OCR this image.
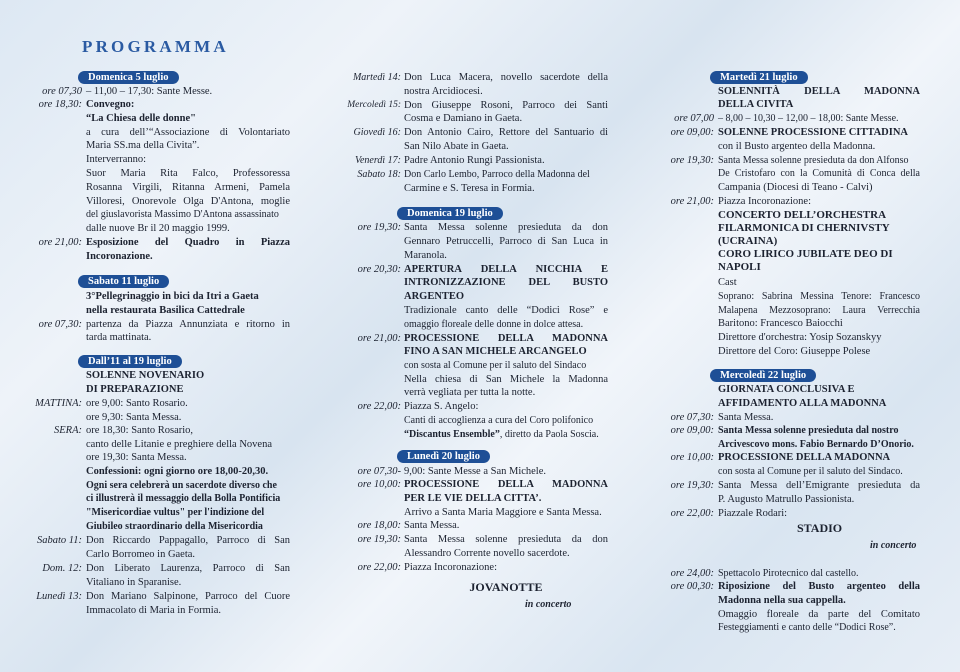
PROGRAMMA
Domenica 5 luglio
ore 07,30 – 11,00 – 17,30: Sante Messe.
ore 18,30: Convegno:
“La Chiesa delle donne"
a cura dell’“Associazione di Volontariato
Maria SS.ma della Civita”.
Interverranno:
Suor Maria Rita Falco, Professoressa
Rosanna Virgili, Ritanna Armeni, Pamela
Villoresi, Onorevole Olga D'Antona, moglie
del giuslavorista Massimo D'Antona assassinato
dalle nuove Br il 20 maggio 1999.
ore 21,00: Esposizione del Quadro in Piazza
Incoronazione.
Sabato 11 luglio
3°Pellegrinaggio in bici da Itri a Gaeta
nella restaurata Basilica Cattedrale
ore 07,30: partenza da Piazza Annunziata e ritorno in
tarda mattinata.
Dall’11 al 19 luglio
SOLENNE NOVENARIO
DI PREPARAZIONE
MATTINA: ore 9,00: Santo Rosario.
ore 9,30: Santa Messa.
SERA: ore 18,30: Santo Rosario,
canto delle Litanie e preghiere della Novena
ore 19,30: Santa Messa.
Confessioni: ogni giorno ore 18,00-20,30.
Ogni sera celebrerà un sacerdote diverso che
ci illustrerà il messaggio della Bolla Pontificia
"Misericordiae vultus" per l'indizione del
Giubileo straordinario della Misericordia
Sabato 11: Don Riccardo Pappagallo, Parroco di San
Carlo Borromeo in Gaeta.
Dom. 12: Don Liberato Laurenza, Parroco di San
Vitaliano in Sparanise.
Lunedì 13: Don Mariano Salpinone, Parroco del Cuore
Immacolato di Maria in Formia.
Martedì 14: Don Luca Macera, novello sacerdote della
nostra Arcidiocesi.
Mercoledì 15: Don Giuseppe Rosoni, Parroco dei Santi
Cosma e Damiano in Gaeta.
Giovedì 16: Don Antonio Cairo, Rettore del Santuario di
San Nilo Abate in Gaeta.
Venerdì 17: Padre Antonio Rungi Passionista.
Sabato 18: Don Carlo Lembo, Parroco della Madonna del
Carmine e S. Teresa in Formia.
Domenica 19 luglio
ore 19,30: Santa Messa solenne presieduta da don
Gennaro Petruccelli, Parroco di San Luca in
Maranola.
ore 20,30: APERTURA DELLA NICCHIA E
INTRONIZZAZIONE DEL BUSTO
ARGENTEO
Tradizionale canto delle “Dodici Rose” e
omaggio floreale delle donne in dolce attesa.
ore 21,00: PROCESSIONE DELLA MADONNA
FINO A SAN MICHELE ARCANGELO
con sosta al Comune per il saluto del Sindaco
Nella chiesa di San Michele la Madonna
verrà vegliata per tutta la notte.
ore 22,00: Piazza S. Angelo:
Canti di accoglienza a cura del Coro polifonico
“Discantus Ensemble”, diretto da Paola Soscia.
Lunedì 20 luglio
ore 07,30- 9,00: Sante Messe a San Michele.
ore 10,00: PROCESSIONE DELLA MADONNA
PER LE VIE DELLA CITTA’.
Arrivo a Santa Maria Maggiore e Santa Messa.
ore 18,00: Santa Messa.
ore 19,30: Santa Messa solenne presieduta da don
Alessandro Corrente novello sacerdote.
ore 22,00: Piazza Incoronazione:
JOVANOTTE
in concerto
Martedì 21 luglio
SOLENNITÀ DELLA MADONNA
DELLA CIVITA
ore 07,00 – 8,00 – 10,30 – 12,00 – 18,00: Sante Messe.
ore 09,00: SOLENNE PROCESSIONE CITTADINA
con il Busto argenteo della Madonna.
ore 19,30: Santa Messa solenne presieduta da don Alfonso
De Cristofaro con la Comunità di Conca della
Campania (Diocesi di Teano - Calvi)
ore 21,00: Piazza Incoronazione:
CONCERTO DELL’ORCHESTRA
FILARMONICA DI CHERNIVSTY
(UCRAINA)
CORO LIRICO JUBILATE DEO DI
NAPOLI
Cast
Soprano: Sabrina Messina Tenore: Francesco
Malapena Mezzosoprano: Laura Verrecchia
Baritono: Francesco Baiocchi
Direttore d'orchestra: Yosip Sozanskyy
Direttore del Coro: Giuseppe Polese
Mercoledì 22 luglio
GIORNATA CONCLUSIVA E
AFFIDAMENTO ALLA MADONNA
ore 07,30: Santa Messa.
ore 09,00: Santa Messa solenne presieduta dal nostro
Arcivescovo mons. Fabio Bernardo D’Onorio.
ore 10,00: PROCESSIONE DELLA MADONNA
con sosta al Comune per il saluto del Sindaco.
ore 19,30: Santa Messa dell’Emigrante presieduta da
P. Augusto Matrullo Passionista.
ore 22,00: Piazzale Rodari:
STADIO
in concerto
ore 24,00: Spettacolo Pirotecnico dal castello.
ore 00,30: Riposizione del Busto argenteo della
Madonna nella sua cappella.
Omaggio floreale da parte del Comitato
Festeggiamenti e canto delle “Dodici Rose”.
